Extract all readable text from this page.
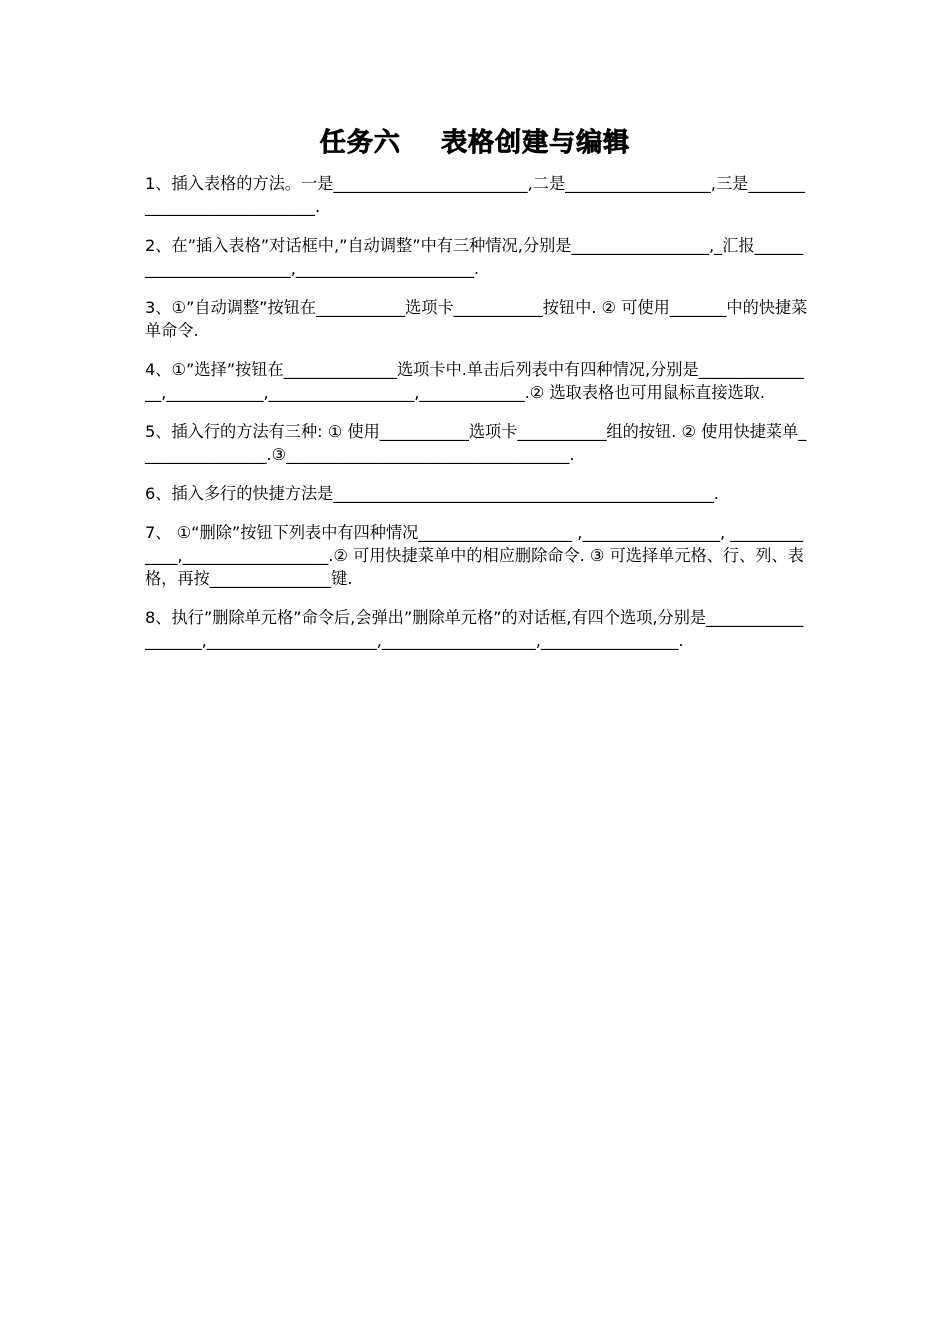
任务六    表格创建与编辑
1、插入表格的方法。一是________________________,二是__________________,三是____________________________.
2、在”插入表格”对话框中,”自动调整”中有三种情况,分别是_________________,_汇报________________________,______________________.
3、①”自动调整”按钮在___________选项卡___________按钮中. ② 可使用_______中的快捷菜单命令.
4、①”选择”按钮在______________选项卡中.单击后列表中有四种情况,分别是_______________,____________,__________________,_____________.② 选取表格也可用鼠标直接选取.
5、插入行的方法有三种: ① 使用___________选项卡___________组的按钮. ② 使用快捷菜单________________.③___________________________________.
6、插入多行的快捷方法是_______________________________________________.
7、 ①“删除”按钮下列表中有四种情况___________________ ,_________________, _____________,__________________.② 可用快捷菜单中的相应删除命令. ③ 可选择单元格、行、列、表格，再按_______________键.
8、执行”删除单元格”命令后,会弹出”删除单元格”的对话框,有四个选项,分别是___________________,_____________________,___________________,_________________.
